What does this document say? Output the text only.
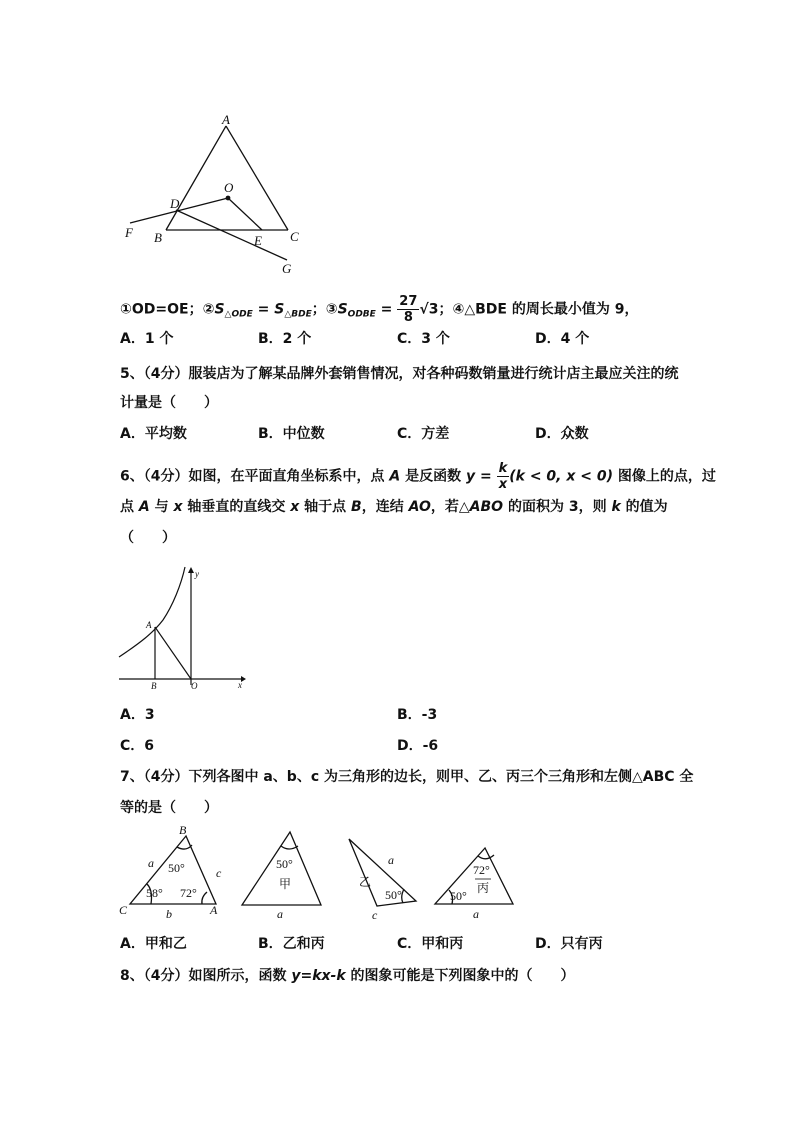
A
O
D
F B	E C
G
①OD=OE；$②S_{\triangle ODE} = S_{\triangle BDE}$；$③S_{ODBE} = \frac{27}{8} √3$；④△BDE 的周长最小值为 9，
A．1 个	B．2 个	C．3 个	D．4 个
5、（4分）服装店为了解某品牌外套销售情况，对各种码数销量进行统计店主最应关注的统
计量是（　　）
A．平均数	B．中位数	C．方差	D．众数
6、（4分）如图，在平面直角坐标系中，点 A 是反函数 $y = \frac{k}{x} (k < 0$, x < 0) 图像上的点，过
点 A 与 x 轴垂直的直线交 x 轴于点 B，连结 AO，若△ABO 的面积为 3，则 k 的值为
（　　）
y
A
B	O	x
A．3	B．-3
C．6	D．-6
7、（4分）下列各图中 a、b、c 为三角形的边长，则甲、乙、丙三个三角形和左侧△ABC 全
等的是（　　）
B
a
c
50°
58° 72°
C	b	A
50°
甲
a
a
乙
50°
c
72°
丙
50°
a
A．甲和乙	B．乙和丙	C．甲和丙	D．只有丙
8、（4分）如图所示，函数 y=kx-k 的图象可能是下列图象中的（　　）
